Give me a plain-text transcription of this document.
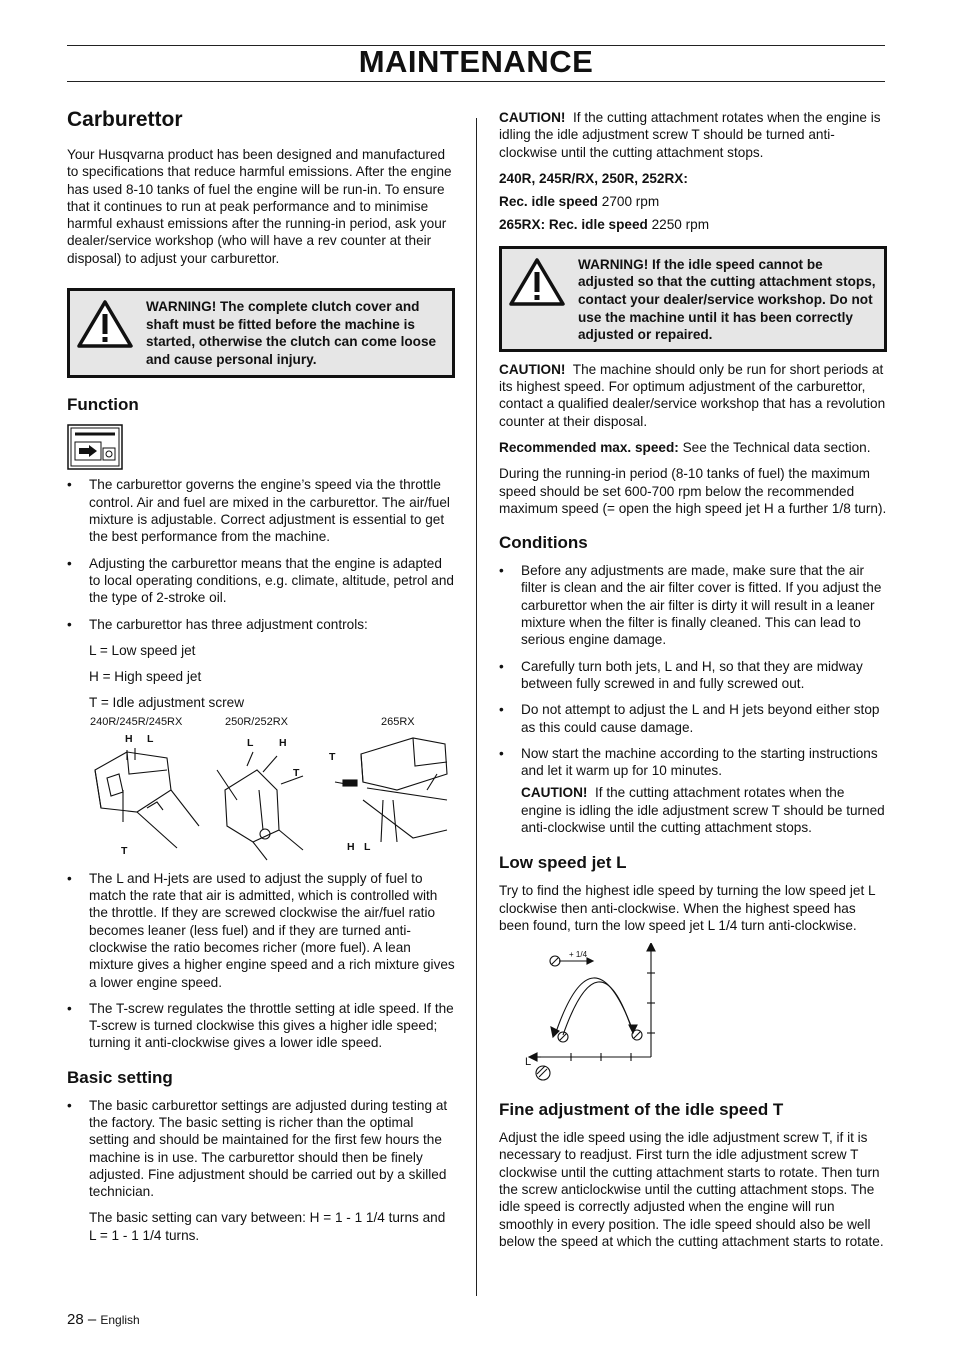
MAINTENANCE
Carburettor

Your Husqvarna product has been designed and manufactured to specifications that reduce harmful emissions. After the engine has used 8-10 tanks of fuel the engine will be run-in. To ensure that it continues to run at peak performance and to minimise harmful exhaust emissions after the running-in period, ask your dealer/service workshop (who will have a rev counter at their disposal) to adjust your carburettor.

WARNING! The complete clutch cover and shaft must be fitted before the machine is started, otherwise the clutch can come loose and cause personal injury.
Function
• The carburettor governs the engine’s speed via the throttle control. Air and fuel are mixed in the carburettor. The air/fuel mixture is adjustable. Correct adjustment is essential to get the best performance from the machine.
• Adjusting the carburettor means that the engine is adapted to local operating conditions, e.g. climate, altitude, petrol and the type of 2-stroke oil.
• The carburettor has three adjustment controls:

L = Low speed jet

H = High speed jet

T = Idle adjustment screw

240R/245R/245RX	250R/252RX	265RX
H L
T
L H
T
T
H L
• The L and H-jets are used to adjust the supply of fuel to match the rate that air is admitted, which is controlled with the throttle. If they are screwed clockwise the air/fuel ratio becomes leaner (less fuel) and if they are turned anti-clockwise the ratio becomes richer (more fuel). A lean mixture gives a higher engine speed and a rich mixture gives a lower engine speed.
• The T-screw regulates the throttle setting at idle speed. If the T-screw is turned clockwise this gives a higher idle speed; turning it anti-clockwise gives a lower idle speed.
Basic setting
• The basic carburettor settings are adjusted during testing at the factory. The basic setting is richer than the optimal setting and should be maintained for the first few hours the machine is in use. The carburettor should then be finely adjusted. Fine adjustment should be carried out by a skilled technician.

The basic setting can vary between: H = 1 - 1 1/4 turns and L = 1 - 1 1/4 turns.

CAUTION! If the cutting attachment rotates when the engine is idling the idle adjustment screw T should be turned anti-clockwise until the cutting attachment stops.

240R, 245R/RX, 250R, 252RX:

Rec. idle speed 2700 rpm

265RX: Rec. idle speed 2250 rpm

WARNING! If the idle speed cannot be adjusted so that the cutting attachment stops, contact your dealer/service workshop. Do not use the machine until it has been correctly adjusted or repaired.

CAUTION! The machine should only be run for short periods at its highest speed. For optimum adjustment of the carburettor, contact a qualified dealer/service workshop that has a revolution counter at their disposal.

Recommended max. speed: See the Technical data section.

During the running-in period (8-10 tanks of fuel) the maximum speed should be set 600-700 rpm below the recommended maximum speed (= open the high speed jet H a further 1/8 turn).

Conditions
• Before any adjustments are made, make sure that the air filter is clean and the air filter cover is fitted. If you adjust the carburettor when the air filter is dirty it will result in a leaner mixture when the filter is finally cleaned. This can lead to serious engine damage.
• Carefully turn both jets, L and H, so that they are midway between fully screwed in and fully screwed out.
• Do not attempt to adjust the L and H jets beyond either stop as this could cause damage.
• Now start the machine according to the starting instructions and let it warm up for 10 minutes.

CAUTION! If the cutting attachment rotates when the engine is idling the idle adjustment screw T should be turned anti-clockwise until the cutting attachment stops.

Low speed jet L

Try to find the highest idle speed by turning the low speed jet L clockwise then anti-clockwise. When the highest speed has been found, turn the low speed jet L 1/4 turn anti-clockwise.

+ 1/4
L
Fine adjustment of the idle speed T

Adjust the idle speed using the idle adjustment screw T, if it is necessary to readjust. First turn the idle adjustment screw T clockwise until the cutting attachment starts to rotate. Then turn the screw anticlockwise until the cutting attachment stops. The idle speed is correctly adjusted when the engine will run smoothly in every position. The idle speed should also be well below the speed at which the cutting attachment starts to rotate.

28 – English
